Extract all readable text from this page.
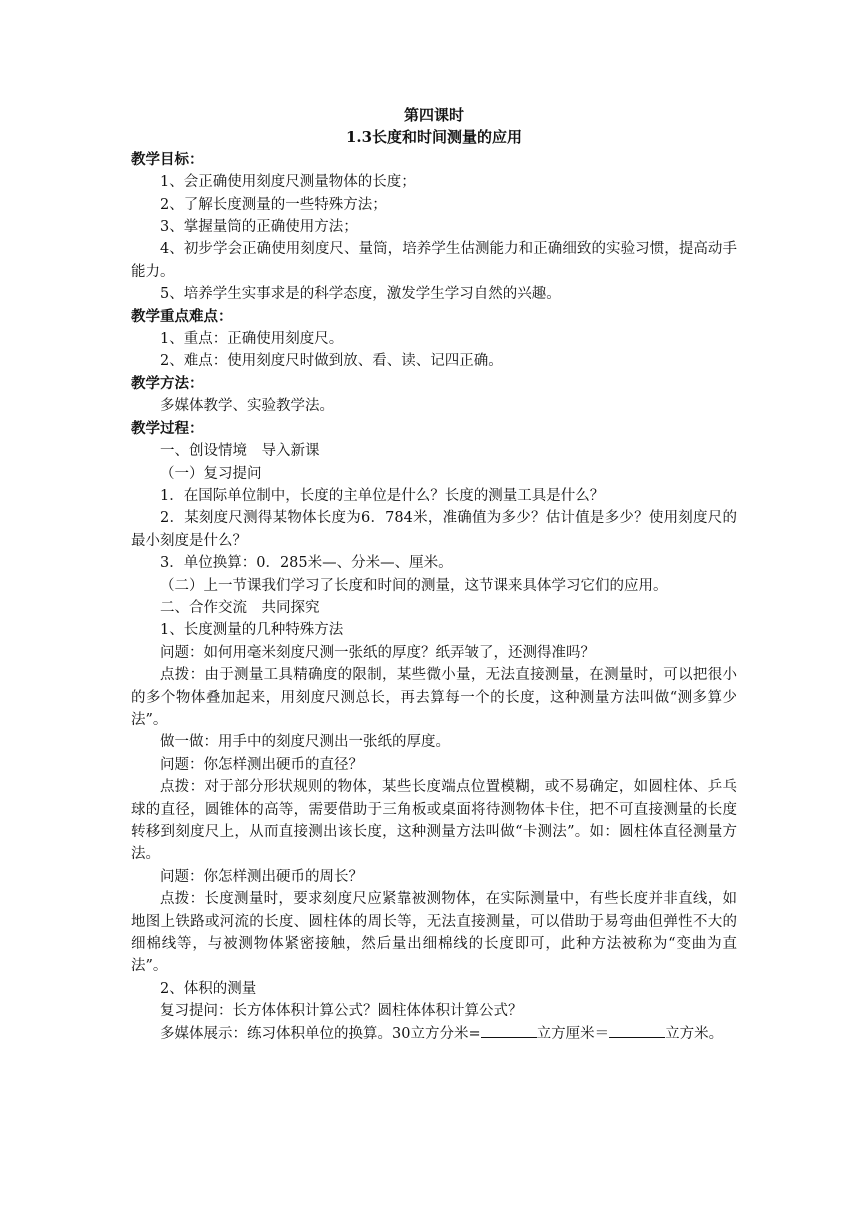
第四课时
1.3长度和时间测量的应用
教学目标：
1、会正确使用刻度尺测量物体的长度；
2、了解长度测量的一些特殊方法；
3、掌握量筒的正确使用方法；
4、初步学会正确使用刻度尺、量筒，培养学生估测能力和正确细致的实验习惯，提高动手能力。
5、培养学生实事求是的科学态度，激发学生学习自然的兴趣。
教学重点难点：
1、重点：正确使用刻度尺。
2、难点：使用刻度尺时做到放、看、读、记四正确。
教学方法：
多媒体教学、实验教学法。
教学过程：
一、创设情境　导入新课
（一）复习提问
1．在国际单位制中，长度的主单位是什么？长度的测量工具是什么？
2．某刻度尺测得某物体长度为6．784米，准确值为多少？估计值是多少？使用刻度尺的最小刻度是什么？
3．单位换算：0．285米—、分米—、厘米。
（二）上一节课我们学习了长度和时间的测量，这节课来具体学习它们的应用。
二、合作交流　共同探究
1、长度测量的几种特殊方法
问题：如何用毫米刻度尺测一张纸的厚度？纸弄皱了，还测得准吗？
点拨：由于测量工具精确度的限制，某些微小量，无法直接测量，在测量时，可以把很小的多个物体叠加起来，用刻度尺测总长，再去算每一个的长度，这种测量方法叫做“测多算少法”。
做一做：用手中的刻度尺测出一张纸的厚度。
问题：你怎样测出硬币的直径？
点拨：对于部分形状规则的物体，某些长度端点位置模糊，或不易确定，如圆柱体、乒乓球的直径，圆锥体的高等，需要借助于三角板或桌面将待测物体卡住，把不可直接测量的长度转移到刻度尺上，从而直接测出该长度，这种测量方法叫做“卡测法”。如：圆柱体直径测量方法。
问题：你怎样测出硬币的周长？
点拨：长度测量时，要求刻度尺应紧靠被测物体，在实际测量中，有些长度并非直线，如地图上铁路或河流的长度、圆柱体的周长等，无法直接测量，可以借助于易弯曲但弹性不大的细棉线等，与被测物体紧密接触，然后量出细棉线的长度即可，此种方法被称为“变曲为直法”。
2、体积的测量
复习提问：长方体体积计算公式？圆柱体体积计算公式？
多媒体展示：练习体积单位的换算。30立方分米=	立方厘米＝	立方米。
